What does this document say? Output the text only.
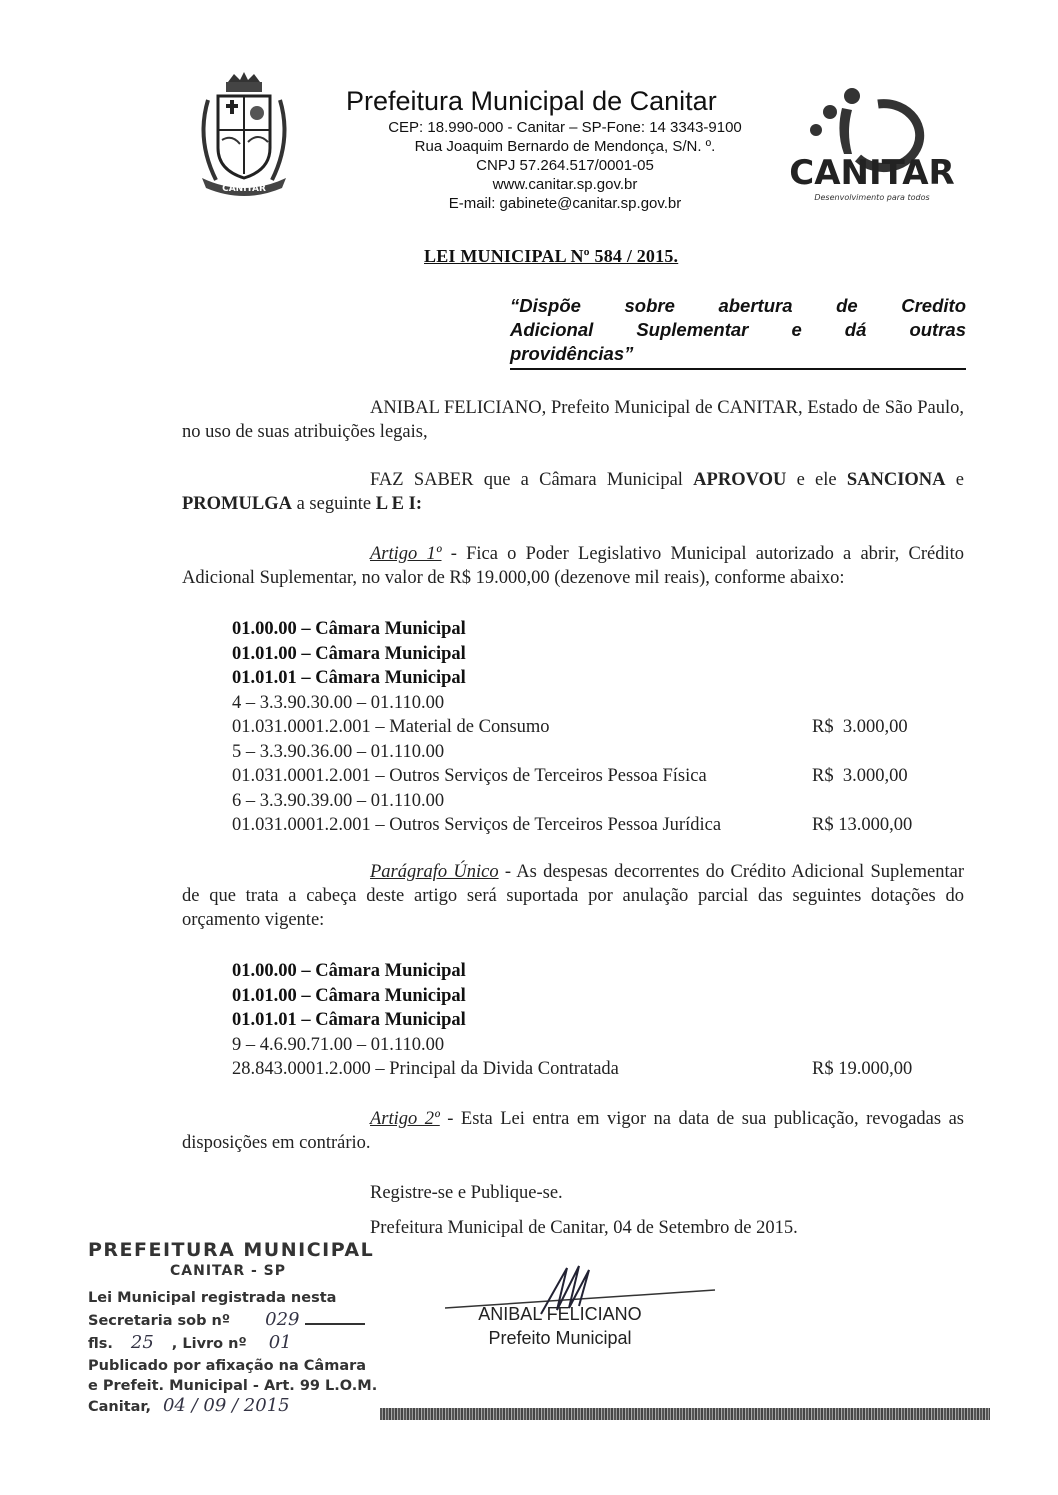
CANITAR
Prefeitura Municipal de Canitar
CEP: 18.990-000 - Canitar – SP-Fone: 14 3343-9100
Rua Joaquim Bernardo de Mendonça, S/N. º.
CNPJ 57.264.517/0001-05
www.canitar.sp.gov.br
E-mail: gabinete@canitar.sp.gov.br
CANITAR
Desenvolvimento para todos
LEI MUNICIPAL Nº 584 / 2015.
“Dispõe sobre abertura de Credito
Adicional Suplementar e dá outras
providências”
ANIBAL FELICIANO, Prefeito Municipal de CANITAR, Estado de São Paulo, no uso de suas atribuições legais,
FAZ SABER que a Câmara Municipal APROVOU e ele SANCIONA e PROMULGA a seguinte L E I:
Artigo 1º - Fica o Poder Legislativo Municipal autorizado a abrir, Crédito Adicional Suplementar, no valor de R$ 19.000,00 (dezenove mil reais), conforme abaixo:
01.00.00 – Câmara Municipal
01.01.00 – Câmara Municipal
01.01.01 – Câmara Municipal
4 – 3.3.90.30.00 – 01.110.00
01.031.0001.2.001 – Material de Consumo	R$  3.000,00
5 – 3.3.90.36.00 – 01.110.00
01.031.0001.2.001 – Outros Serviços de Terceiros Pessoa Física	R$  3.000,00
6 – 3.3.90.39.00 – 01.110.00
01.031.0001.2.001 – Outros Serviços de Terceiros Pessoa Jurídica	R$ 13.000,00
Parágrafo Único - As despesas decorrentes do Crédito Adicional Suplementar de que trata a cabeça deste artigo será suportada por anulação parcial das seguintes dotações do orçamento vigente:
01.00.00 – Câmara Municipal
01.01.00 – Câmara Municipal
01.01.01 – Câmara Municipal
9 – 4.6.90.71.00 – 01.110.00
28.843.0001.2.000 – Principal da Divida Contratada	R$ 19.000,00
Artigo 2º - Esta Lei entra em vigor na data de sua publicação, revogadas as disposições em contrário.
Registre-se e Publique-se.
Prefeitura Municipal de Canitar, 04 de Setembro de 2015.
PREFEITURA MUNICIPAL
CANITAR - SP
Lei Municipal registrada nesta
Secretaria sob nº 029
fls. 25 , Livro nº 01
Publicado por afixação na Câmara
e Prefeit. Municipal - Art. 99 L.O.M.
Canitar, 04 / 09 / 2015
ANIBAL FELICIANO
Prefeito Municipal
